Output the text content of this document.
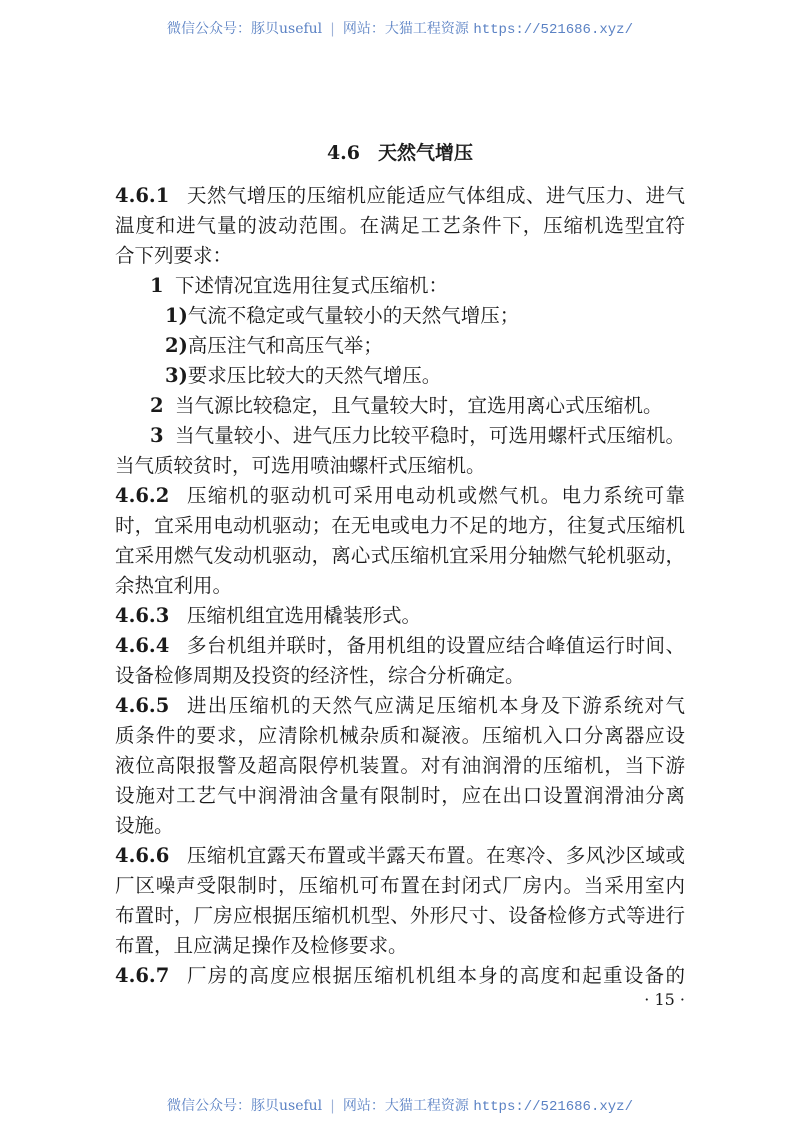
微信公众号：豚贝useful | 网站：大猫工程资源 https://521686.xyz/
4.6 天然气增压
4.6.1 天然气增压的压缩机应能适应气体组成、进气压力、进气
温度和进气量的波动范围。在满足工艺条件下，压缩机选型宜符
合下列要求：
1 下述情况宜选用往复式压缩机：
1) 气流不稳定或气量较小的天然气增压；
2) 高压注气和高压气举；
3) 要求压比较大的天然气增压。
2 当气源比较稳定，且气量较大时，宜选用离心式压缩机。
3 当气量较小、进气压力比较平稳时，可选用螺杆式压缩机。
当气质较贫时，可选用喷油螺杆式压缩机。
4.6.2 压缩机的驱动机可采用电动机或燃气机。电力系统可靠
时，宜采用电动机驱动；在无电或电力不足的地方，往复式压缩机
宜采用燃气发动机驱动，离心式压缩机宜采用分轴燃气轮机驱动，
余热宜利用。
4.6.3 压缩机组宜选用橇装形式。
4.6.4 多台机组并联时，备用机组的设置应结合峰值运行时间、
设备检修周期及投资的经济性，综合分析确定。
4.6.5 进出压缩机的天然气应满足压缩机本身及下游系统对气
质条件的要求，应清除机械杂质和凝液。压缩机入口分离器应设
液位高限报警及超高限停机装置。对有油润滑的压缩机，当下游
设施对工艺气中润滑油含量有限制时，应在出口设置润滑油分离
设施。
4.6.6 压缩机宜露天布置或半露天布置。在寒冷、多风沙区域或
厂区噪声受限制时，压缩机可布置在封闭式厂房内。当采用室内
布置时，厂房应根据压缩机机型、外形尺寸、设备检修方式等进行
布置，且应满足操作及检修要求。
4.6.7 厂房的高度应根据压缩机机组本身的高度和起重设备的
· 15 ·
微信公众号：豚贝useful | 网站：大猫工程资源 https://521686.xyz/
